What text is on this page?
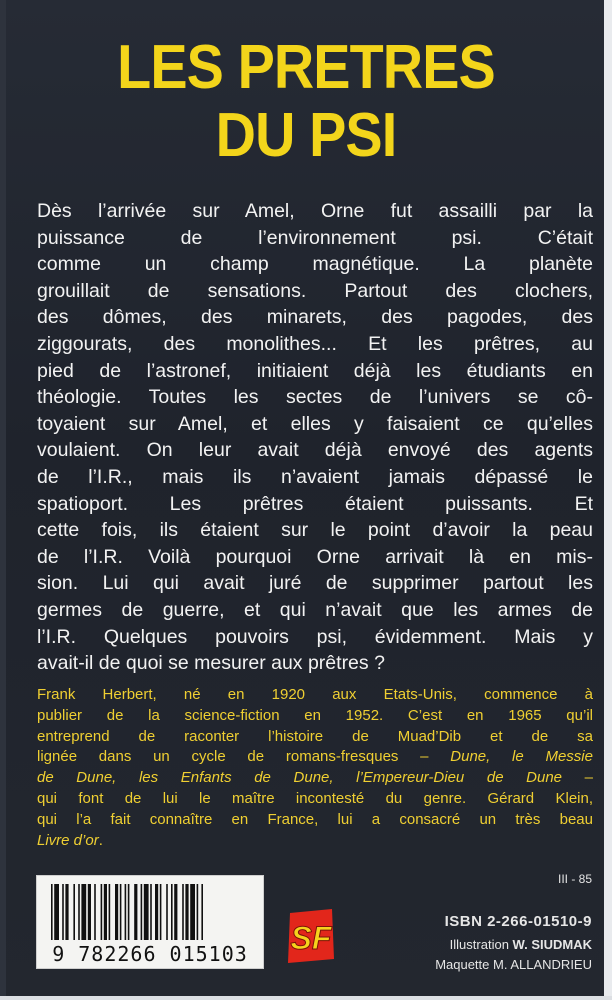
LES PRETRES
DU PSI
Dès l’arrivée sur Amel, Orne fut assailli par la
puissance de l’environnement psi. C’était
comme un champ magnétique. La planète
grouillait de sensations. Partout des clochers,
des dômes, des minarets, des pagodes, des
ziggourats, des monolithes... Et les prêtres, au
pied de l’astronef, initiaient déjà les étudiants en
théologie. Toutes les sectes de l’univers se cô-
toyaient sur Amel, et elles y faisaient ce qu’elles
voulaient. On leur avait déjà envoyé des agents
de l’I.R., mais ils n’avaient jamais dépassé le
spatioport. Les prêtres étaient puissants. Et
cette fois, ils étaient sur le point d’avoir la peau
de l’I.R. Voilà pourquoi Orne arrivait là en mis-
sion. Lui qui avait juré de supprimer partout les
germes de guerre, et qui n’avait que les armes de
l’I.R. Quelques pouvoirs psi, évidemment. Mais y
avait-il de quoi se mesurer aux prêtres ?
Frank Herbert, né en 1920 aux Etats-Unis, commence à
publier de la science-fiction en 1952. C’est en 1965 qu’il
entreprend de raconter l’histoire de Muad’Dib et de sa
lignée dans un cycle de romans-fresques – Dune, le Messie
de Dune, les Enfants de Dune, l’Empereur-Dieu de Dune –
qui font de lui le maître incontesté du genre. Gérard Klein,
qui l’a fait connaître en France, lui a consacré un très beau
Livre d’or.
9 782266 015103 SF
III - 85
ISBN 2-266-01510-9
Illustration W. SIUDMAK
Maquette M. ALLANDRIEU
